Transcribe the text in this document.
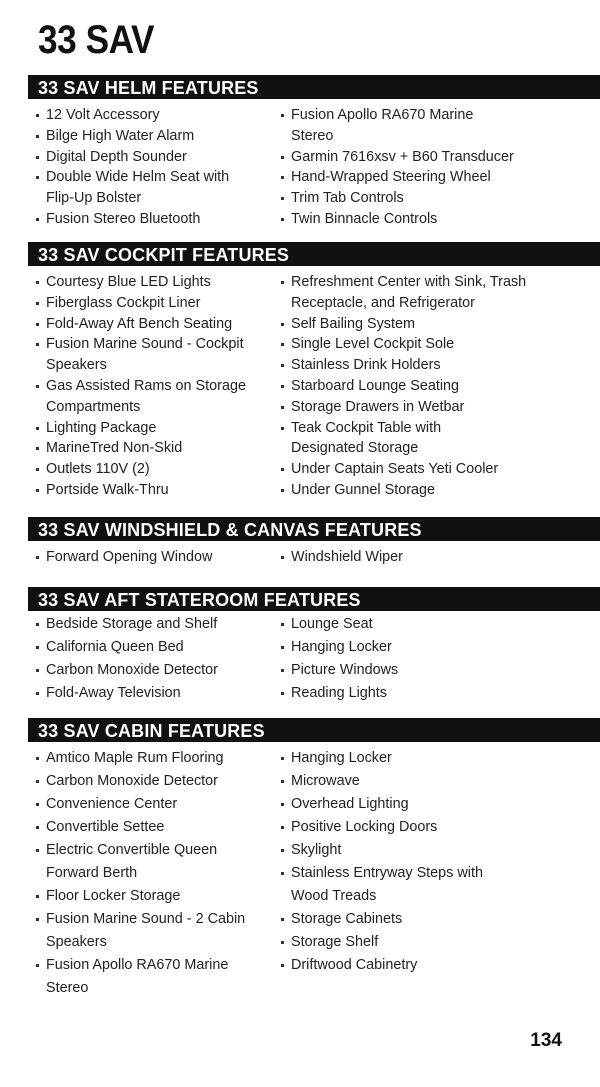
33 SAV
33 SAV HELM FEATURES
12 Volt Accessory
Bilge High Water Alarm
Digital Depth Sounder
Double Wide Helm Seat with Flip-Up Bolster
Fusion Stereo Bluetooth
Fusion Apollo RA670 Marine Stereo
Garmin 7616xsv + B60 Transducer
Hand-Wrapped Steering Wheel
Trim Tab Controls
Twin Binnacle Controls
33 SAV COCKPIT FEATURES
Courtesy Blue LED Lights
Fiberglass Cockpit Liner
Fold-Away Aft Bench Seating
Fusion Marine Sound - Cockpit Speakers
Gas Assisted Rams on Storage Compartments
Lighting Package
MarineTred Non-Skid
Outlets 110V (2)
Portside Walk-Thru
Refreshment Center with Sink, Trash Receptacle, and Refrigerator
Self Bailing System
Single Level Cockpit Sole
Stainless Drink Holders
Starboard Lounge Seating
Storage Drawers in Wetbar
Teak Cockpit Table with Designated Storage
Under Captain Seats Yeti Cooler
Under Gunnel Storage
33 SAV WINDSHIELD & CANVAS FEATURES
Forward Opening Window	Windshield Wiper
33 SAV AFT STATEROOM FEATURES
Bedside Storage and Shelf
California Queen Bed
Carbon Monoxide Detector
Fold-Away Television
Lounge Seat
Hanging Locker
Picture Windows
Reading Lights
33 SAV CABIN FEATURES
Amtico Maple Rum Flooring
Carbon Monoxide Detector
Convenience Center
Convertible Settee
Electric Convertible Queen Forward Berth
Floor Locker Storage
Fusion Marine Sound - 2 Cabin Speakers
Fusion Apollo RA670 Marine Stereo
Hanging Locker
Microwave
Overhead Lighting
Positive Locking Doors
Skylight
Stainless Entryway Steps with Wood Treads
Storage Cabinets
Storage Shelf
Driftwood Cabinetry
134
